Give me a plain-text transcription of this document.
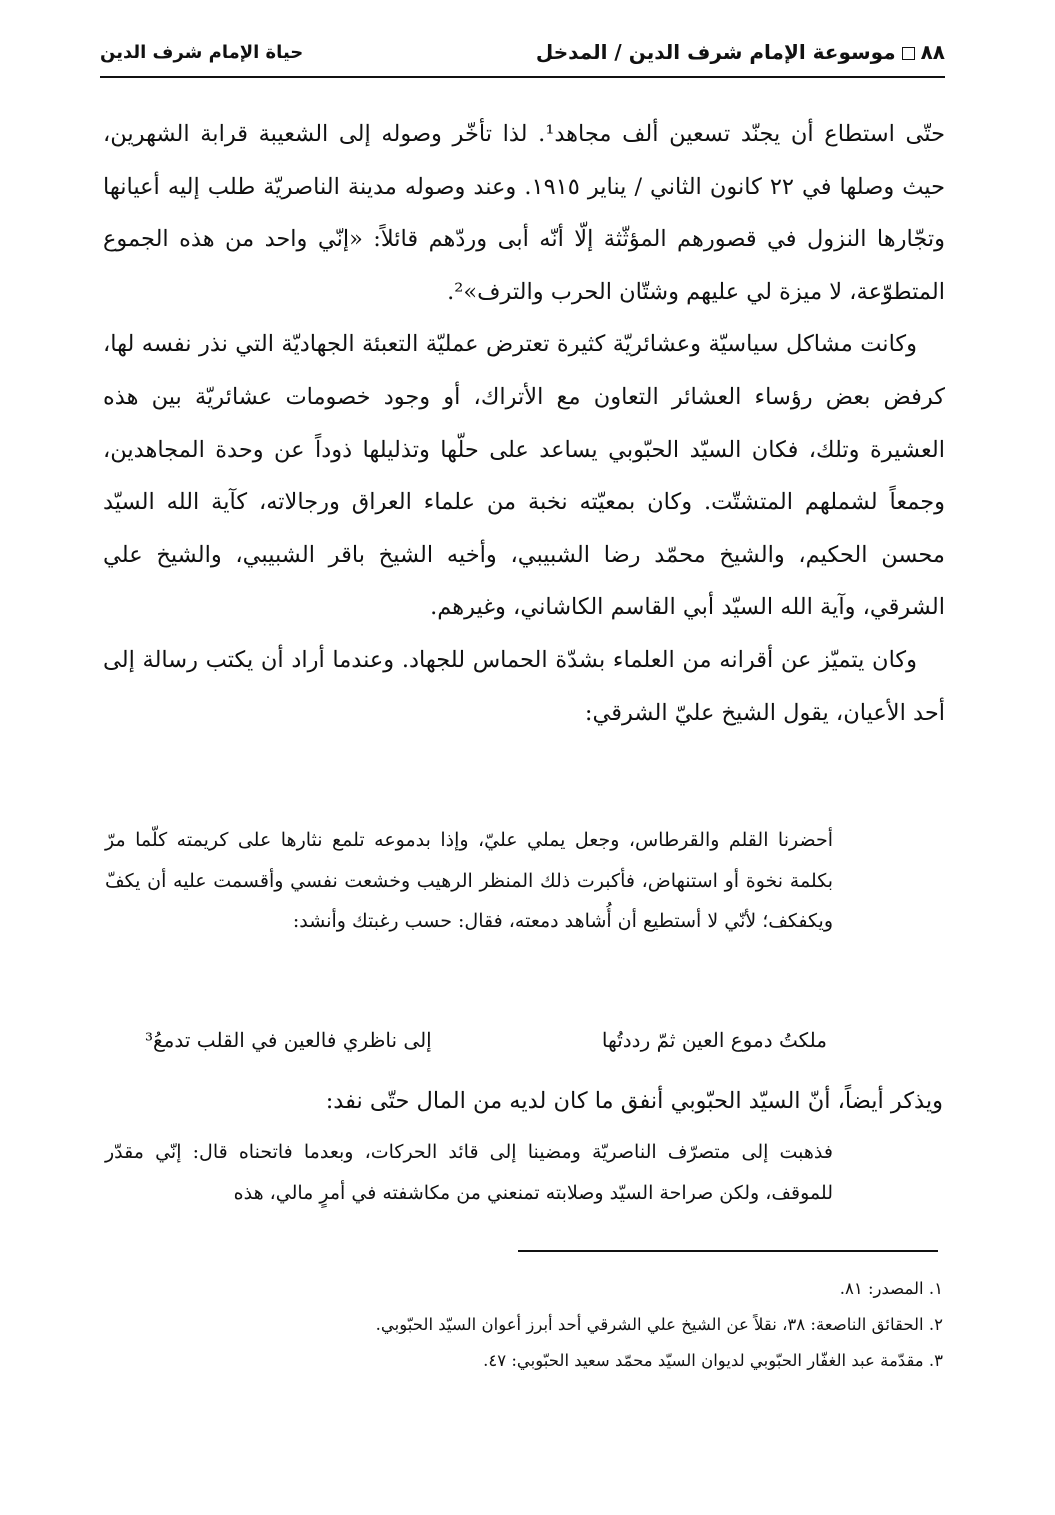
٨٨موسوعة الإمام شرف الدين / المدخل
حياة الإمام شرف الدين

حتّى استطاع أن يجنّد تسعين ألف مجاهد¹. لذا تأخّر وصوله إلى الشعيبة قرابة الشهرين، حيث وصلها في ٢٢ كانون الثاني / يناير ١٩١٥. وعند وصوله مدينة الناصريّة طلب إليه أعيانها وتجّارها النزول في قصورهم المؤثّثة إلّا أنّه أبى وردّهم قائلاً: «إنّي واحد من هذه الجموع المتطوّعة، لا ميزة لي عليهم وشتّان الحرب والترف»².

وكانت مشاكل سياسيّة وعشائريّة كثيرة تعترض عمليّة التعبئة الجهاديّة التي نذر نفسه لها، كرفض بعض رؤساء العشائر التعاون مع الأتراك، أو وجود خصومات عشائريّة بين هذه العشيرة وتلك، فكان السيّد الحبّوبي يساعد على حلّها وتذليلها ذوداً عن وحدة المجاهدين، وجمعاً لشملهم المتشتّت. وكان بمعيّته نخبة من علماء العراق ورجالاته، كآية الله السيّد محسن الحكيم، والشيخ محمّد رضا الشبيبي، وأخيه الشيخ باقر الشبيبي، والشيخ علي الشرقي، وآية الله السيّد أبي القاسم الكاشاني، وغيرهم.

وكان يتميّز عن أقرانه من العلماء بشدّة الحماس للجهاد. وعندما أراد أن يكتب رسالة إلى أحد الأعيان، يقول الشيخ عليّ الشرقي:

أحضرنا القلم والقرطاس، وجعل يملي عليّ، وإذا بدموعه تلمع نثارها على كريمته كلّما مرّ بكلمة نخوة أو استنهاض، فأكبرت ذلك المنظر الرهيب وخشعت نفسي وأقسمت عليه أن يكفّ ويكفكف؛ لأنّي لا أستطيع أن أُشاهد دمعته، فقال: حسب رغبتك وأنشد:

ملكتُ دموع العين ثمّ رددتُها
إلى ناظري فالعين في القلب تدمعُ³

ويذكر أيضاً، أنّ السيّد الحبّوبي أنفق ما كان لديه من المال حتّى نفد:

فذهبت إلى متصرّف الناصريّة ومضينا إلى قائد الحركات، وبعدما فاتحناه قال: إنّي مقدّر للموقف، ولكن صراحة السيّد وصلابته تمنعني من مكاشفته في أمرٍ مالي، هذه

١. المصدر: ٨١.

٢. الحقائق الناصعة: ٣٨، نقلاً عن الشيخ علي الشرقي أحد أبرز أعوان السيّد الحبّوبي.

٣. مقدّمة عبد الغفّار الحبّوبي لديوان السيّد محمّد سعيد الحبّوبي: ٤٧.
